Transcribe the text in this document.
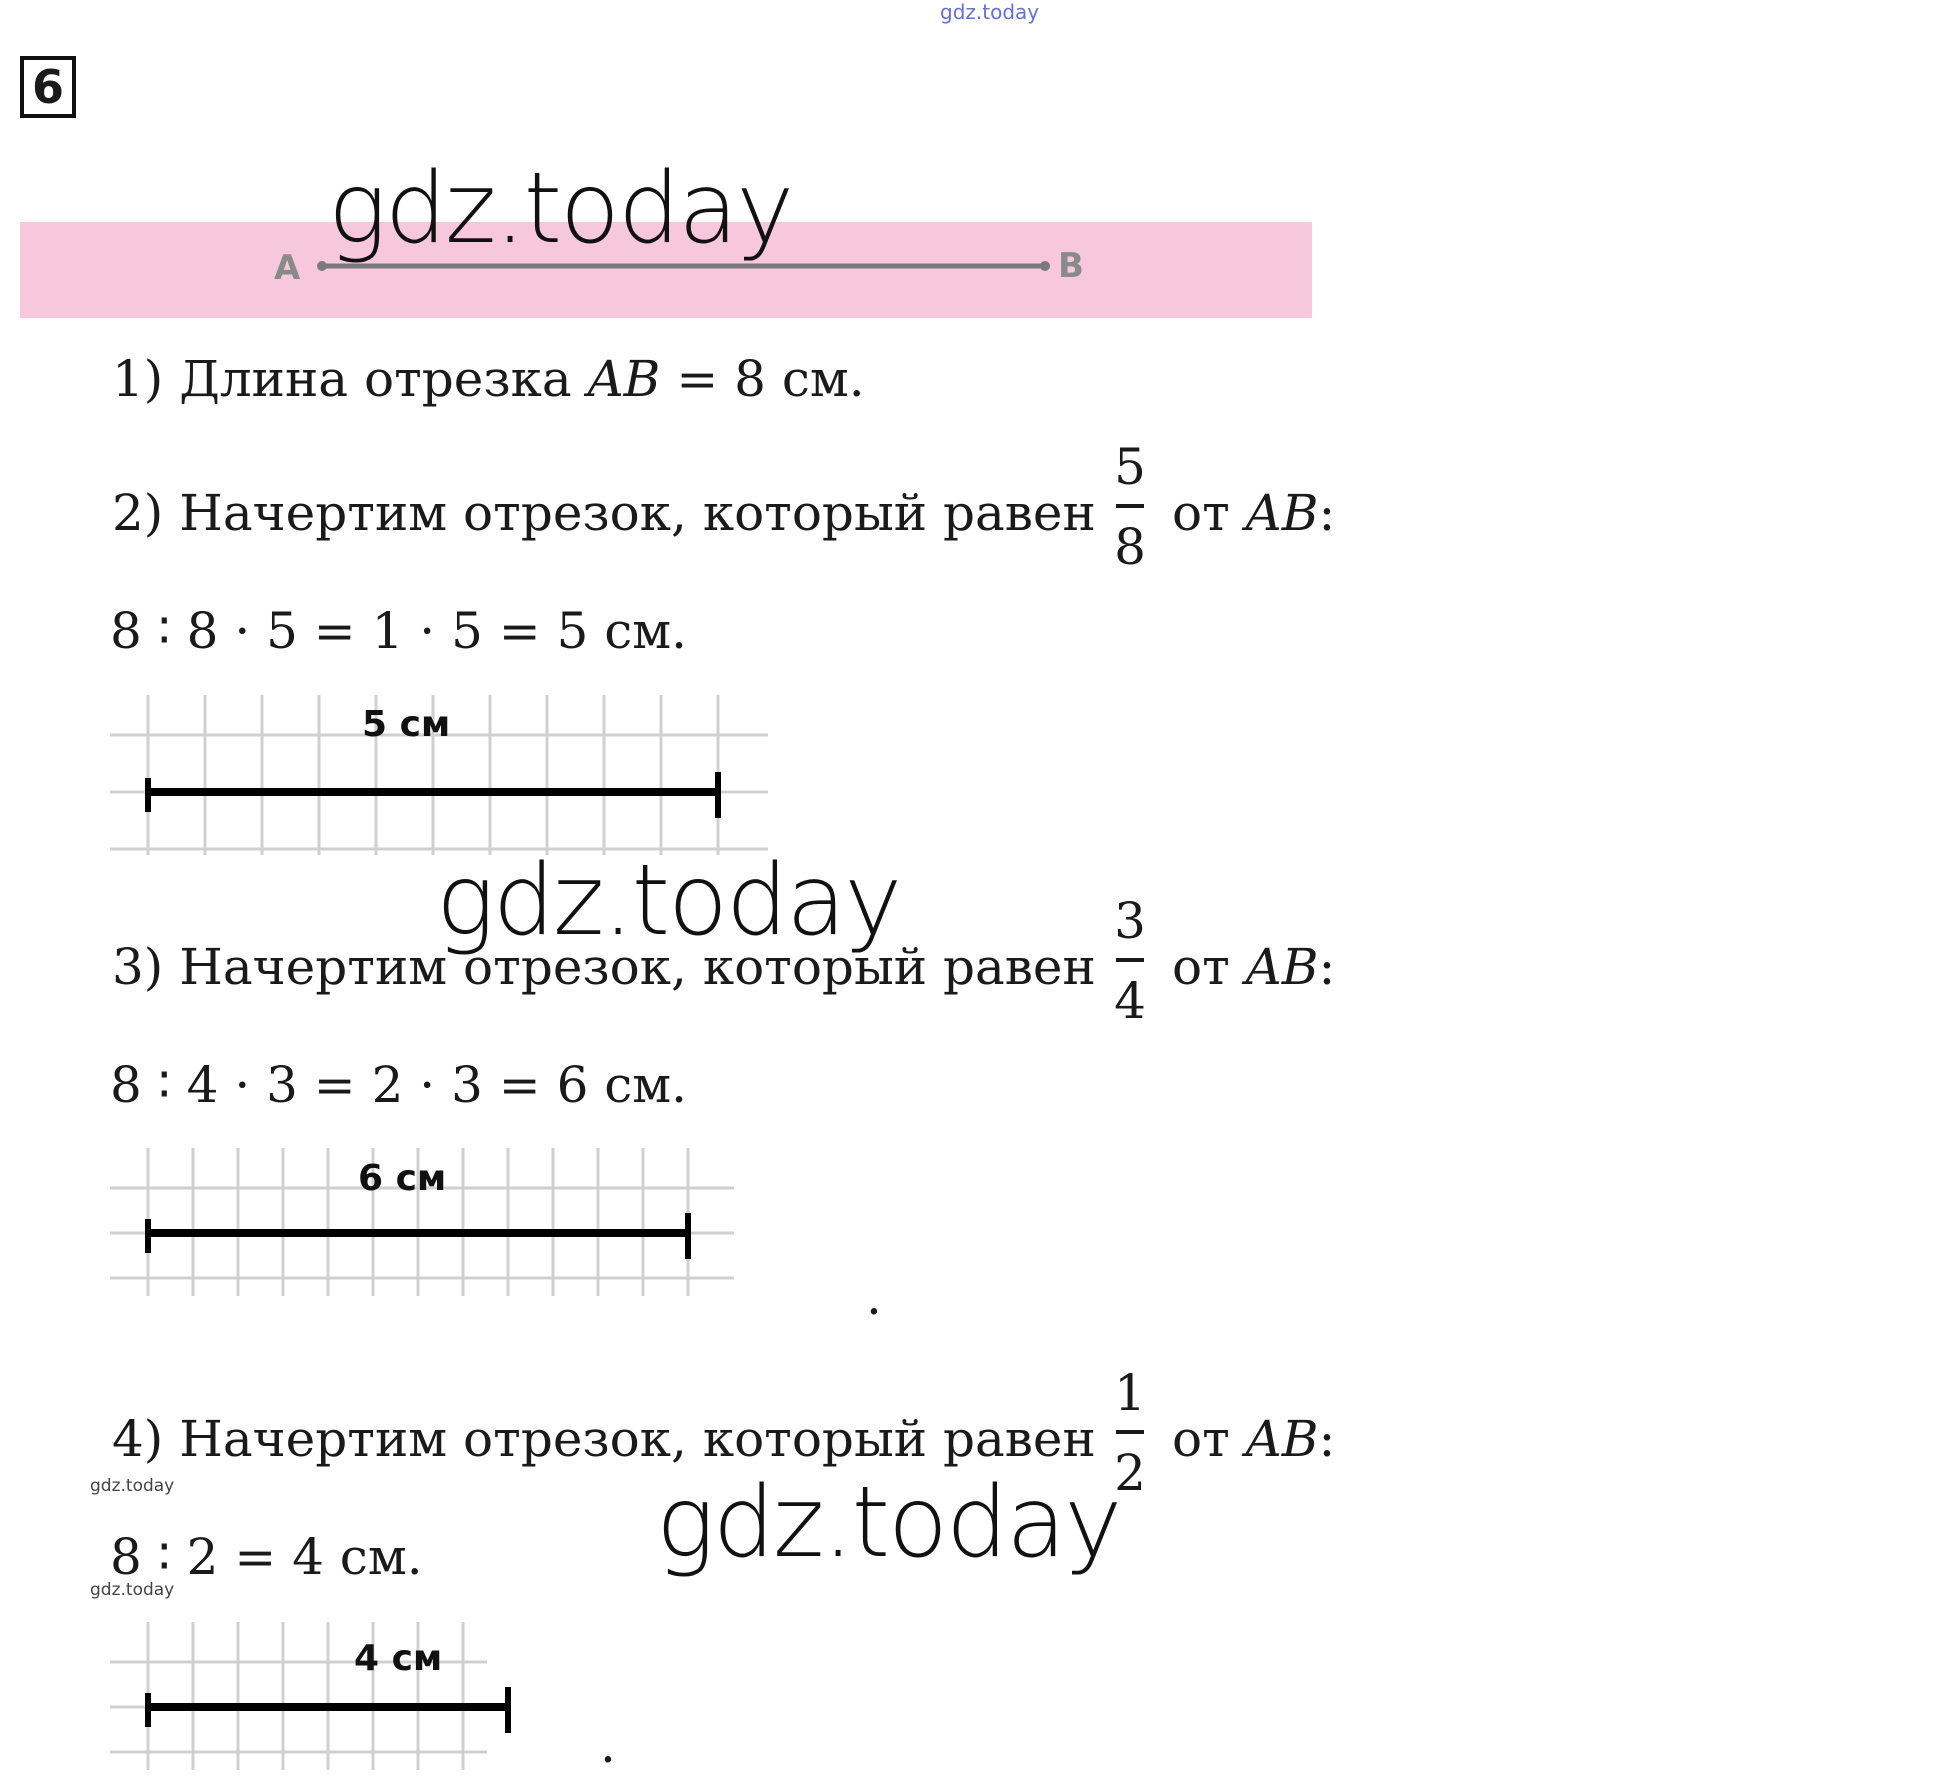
gdz.today
6
A	B
gdz.today
1) Длина отрезка AB = 8 см.
2) Начертим отрезок, который равен
5
8
от AB:
8 ∶ 8 · 5 = 1 · 5 = 5 см.
5 см
gdz.today
3) Начертим отрезок, который равен
3
4
от AB:
8 ∶ 4 · 3 = 2 · 3 = 6 см.
6 см
.
4) Начертим отрезок, который равен
1
2
от AB:
gdz.today	gdz.today
8 ∶ 2 = 4 см.
gdz.today
4 см
.
